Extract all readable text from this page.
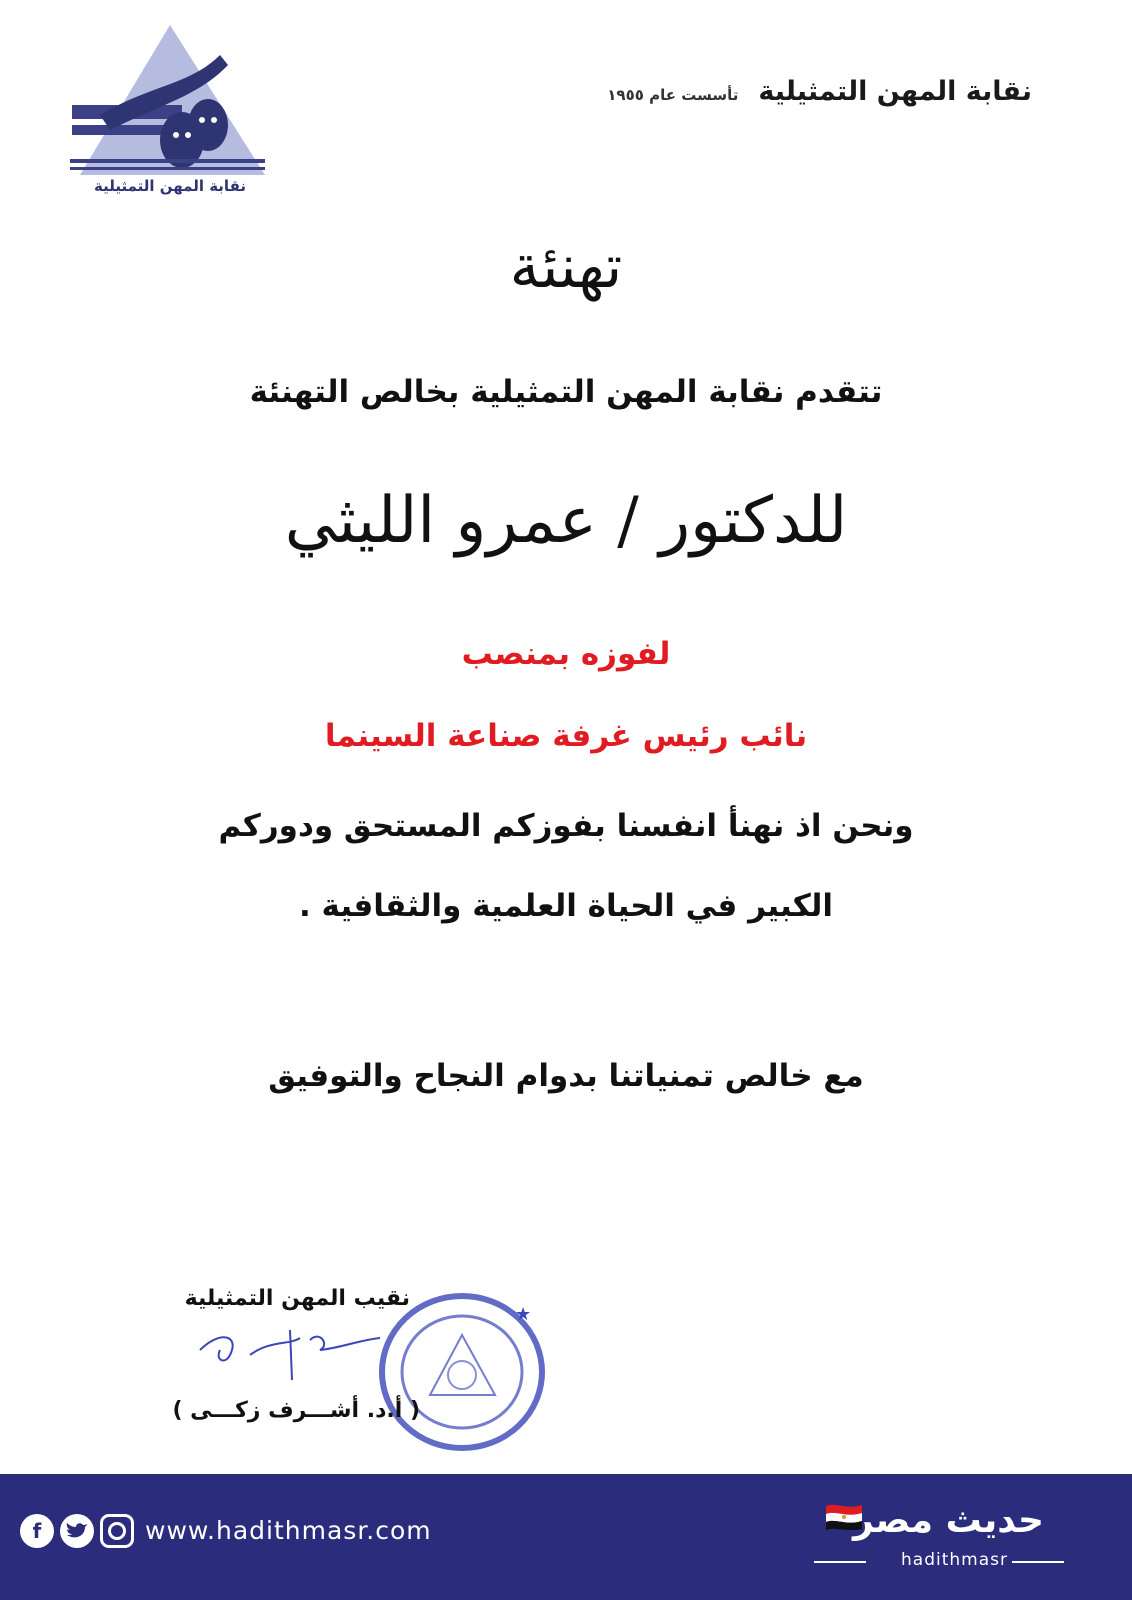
نقابة المهن التمثيلية
نقابة المهن التمثيلية
تأسست عام ١٩٥٥
تهنئة
تتقدم نقابة المهن التمثيلية بخالص التهنئة
للدكتور / عمرو الليثي
لفوزه بمنصب
نائب رئيس غرفة صناعة السينما
ونحن اذ نهنأ انفسنا بفوزكم المستحق ودوركم
الكبير في الحياة العلمية والثقافية .
مع خالص تمنياتنا بدوام النجاح والتوفيق
نقيب المهن التمثيلية
★
( أ.د. أشـــرف زكـــى )
f	www.hadithmasr.com	حديث مصر
hadithmasr
